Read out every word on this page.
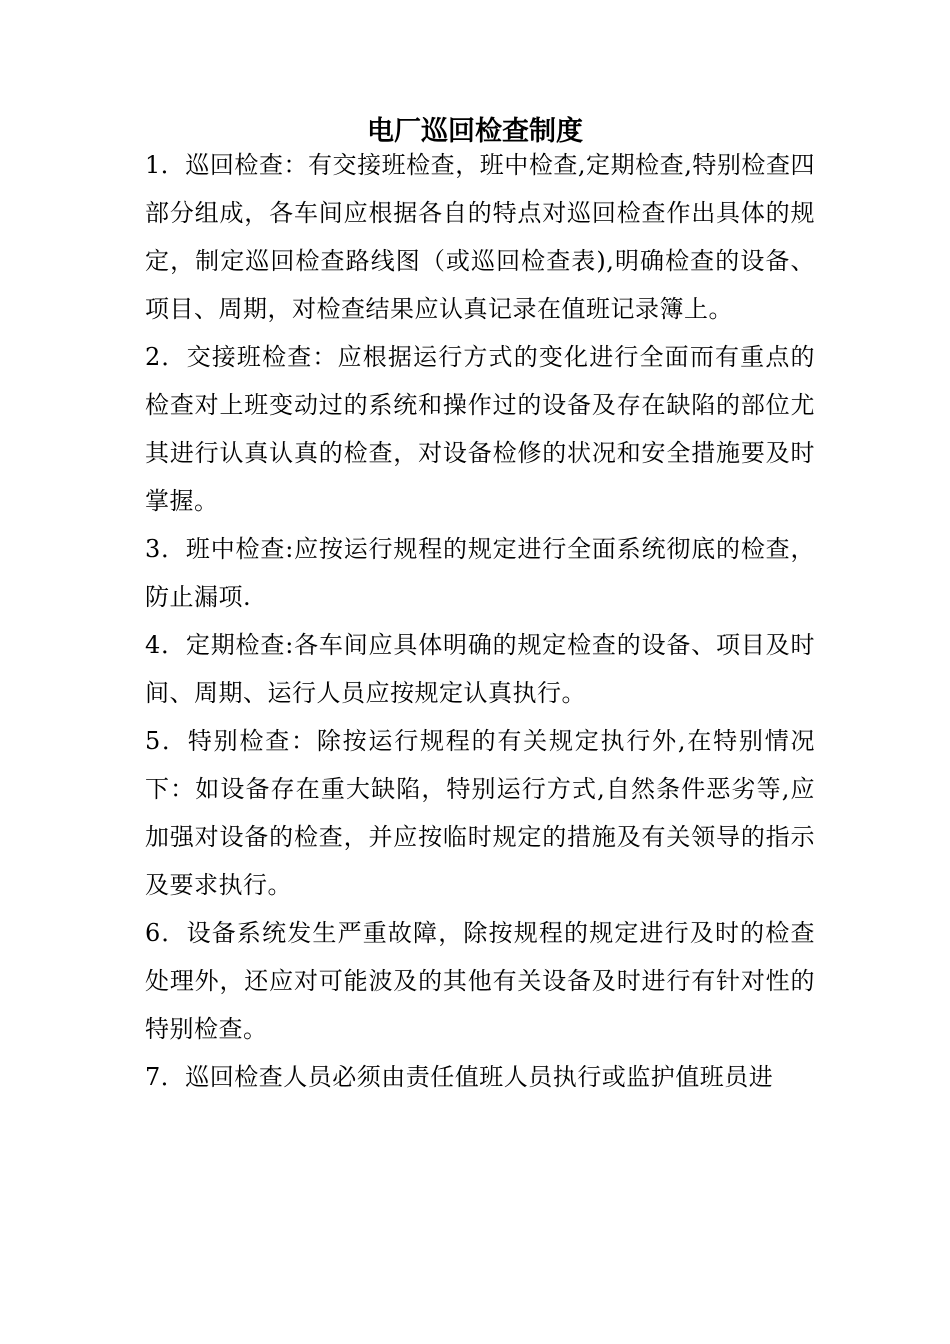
电厂巡回检查制度

1．巡回检查：有交接班检查，班中检查,定期检查,特别检查四部分组成，各车间应根据各自的特点对巡回检查作出具体的规定，制定巡回检查路线图（或巡回检查表),明确检查的设备、项目、周期，对检查结果应认真记录在值班记录簿上。

2．交接班检查：应根据运行方式的变化进行全面而有重点的检查对上班变动过的系统和操作过的设备及存在缺陷的部位尤其进行认真认真的检查，对设备检修的状况和安全措施要及时掌握。

3．班中检查:应按运行规程的规定进行全面系统彻底的检查，防止漏项.

4．定期检查:各车间应具体明确的规定检查的设备、项目及时间、周期、运行人员应按规定认真执行。

5．特别检查：除按运行规程的有关规定执行外,在特别情况下：如设备存在重大缺陷，特别运行方式,自然条件恶劣等,应加强对设备的检查，并应按临时规定的措施及有关领导的指示及要求执行。

6．设备系统发生严重故障，除按规程的规定进行及时的检查处理外，还应对可能波及的其他有关设备及时进行有针对性的特别检查。

7．巡回检查人员必须由责任值班人员执行或监护值班员进
